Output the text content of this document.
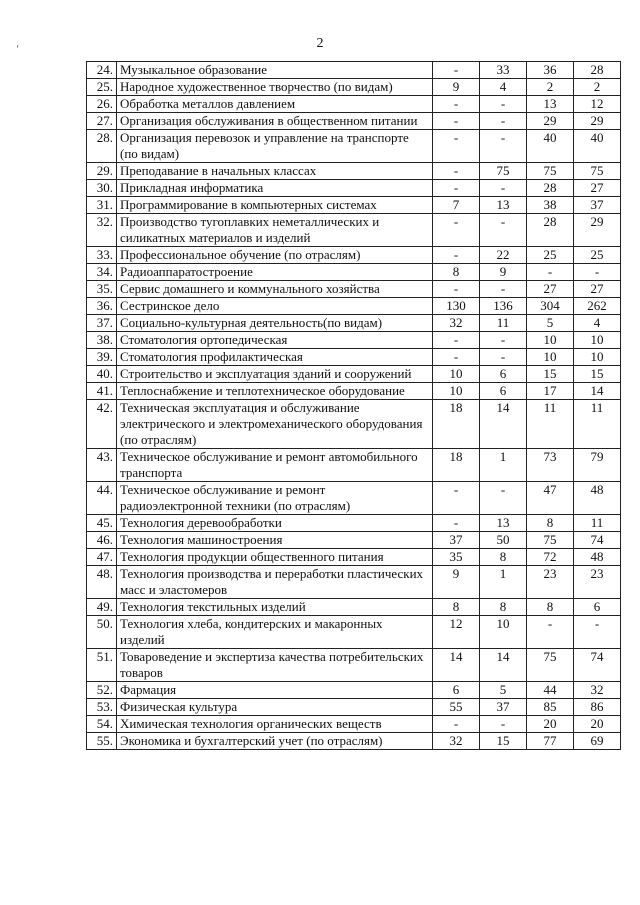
2
‘
24.	Музыкальное образование	-	33	36	28
25.	Народное художественное творчество (по видам)	9	4	2	2
26.	Обработка металлов давлением	-	-	13	12
27.	Организация обслуживания в общественном питании	-	-	29	29
28.	Организация перевозок и управление на транспорте (по видам)	-	-	40	40
29.	Преподавание в начальных классах	-	75	75	75
30.	Прикладная информатика	-	-	28	27
31.	Программирование в компьютерных системах	7	13	38	37
32.	Производство тугоплавких неметаллических и силикатных материалов и изделий	-	-	28	29
33.	Профессиональное обучение (по отраслям)	-	22	25	25
34.	Радиоаппаратостроение	8	9	-	-
35.	Сервис домашнего и коммунального хозяйства	-	-	27	27
36.	Сестринское дело	130	136	304	262
37.	Социально-культурная деятельность(по видам)	32	11	5	4
38.	Стоматология ортопедическая	-	-	10	10
39.	Стоматология профилактическая	-	-	10	10
40.	Строительство и эксплуатация зданий и сооружений	10	6	15	15
41.	Теплоснабжение и теплотехническое оборудование	10	6	17	14
42.	Техническая эксплуатация и обслуживание электрического и электромеханического оборудования (по отраслям)	18	14	11	11
43.	Техническое обслуживание и ремонт автомобильного транспорта	18	1	73	79
44.	Техническое обслуживание и ремонт радиоэлектронной техники (по отраслям)	-	-	47	48
45.	Технология деревообработки	-	13	8	11
46.	Технология машиностроения	37	50	75	74
47.	Технология продукции общественного питания	35	8	72	48
48.	Технология производства и переработки пластических масс и эластомеров	9	1	23	23
49.	Технология текстильных изделий	8	8	8	6
50.	Технология хлеба, кондитерских и макаронных изделий	12	10	-	-
51.	Товароведение и экспертиза качества потребительских товаров	14	14	75	74
52.	Фармация	6	5	44	32
53.	Физическая культура	55	37	85	86
54.	Химическая технология органических веществ	-	-	20	20
55.	Экономика и бухгалтерский учет (по отраслям)	32	15	77	69
